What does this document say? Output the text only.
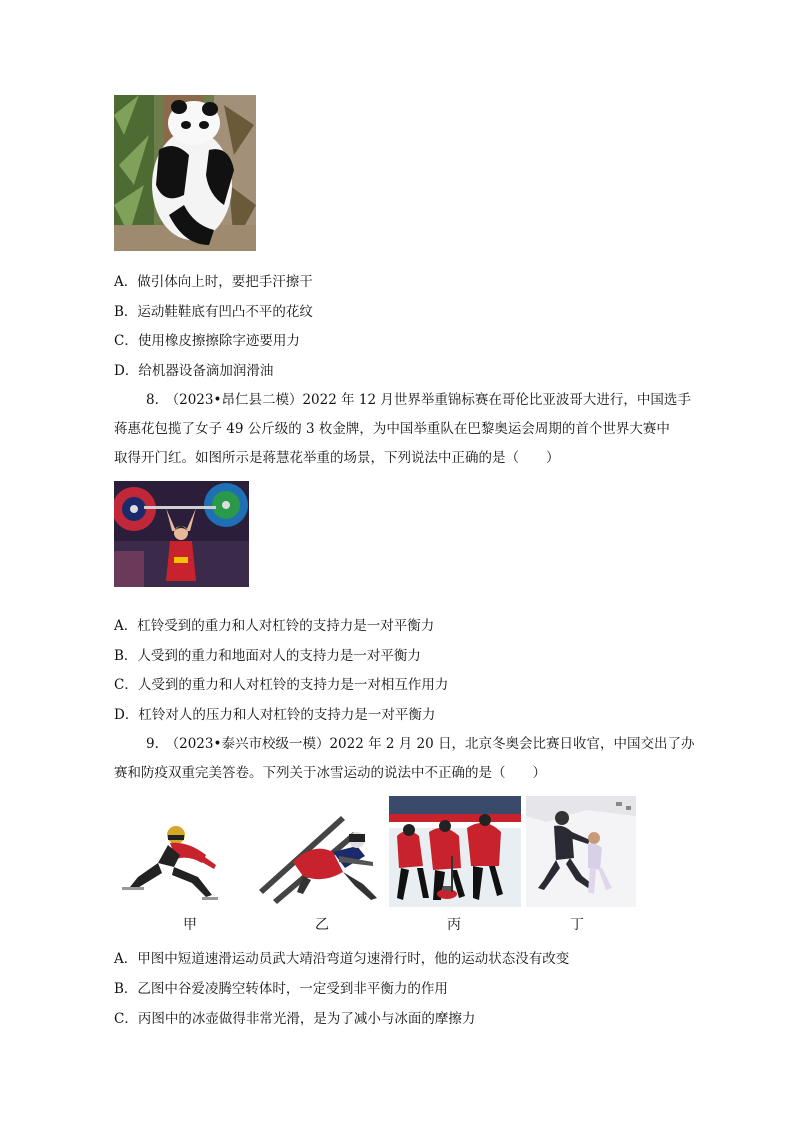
A．做引体向上时，要把手汗擦干
B．运动鞋鞋底有凹凸不平的花纹
C．使用橡皮擦擦除字迹要用力
D．给机器设备滴加润滑油
8.　（2023•昂仁县二模）2022 年 12 月世界举重锦标赛在哥伦比亚波哥大进行，中国选手
蒋惠花包揽了女子 49 公斤级的 3 枚金牌，为中国举重队在巴黎奥运会周期的首个世界大赛中
取得开门红。如图所示是蒋慧花举重的场景，下列说法中正确的是（　　）
A．杠铃受到的重力和人对杠铃的支持力是一对平衡力
B．人受到的重力和地面对人的支持力是一对平衡力
C．人受到的重力和人对杠铃的支持力是一对相互作用力
D．杠铃对人的压力和人对杠铃的支持力是一对平衡力
9.　（2023•泰兴市校级一模）2022 年 2 月 20 日，北京冬奥会比赛日收官，中国交出了办
赛和防疫双重完美答卷。下列关于冰雪运动的说法中不正确的是（　　）
甲	乙	丙	丁
A．甲图中短道速滑运动员武大靖沿弯道匀速滑行时，他的运动状态没有改变
B．乙图中谷爱凌腾空转体时，一定受到非平衡力的作用
C．丙图中的冰壶做得非常光滑，是为了减小与冰面的摩擦力
